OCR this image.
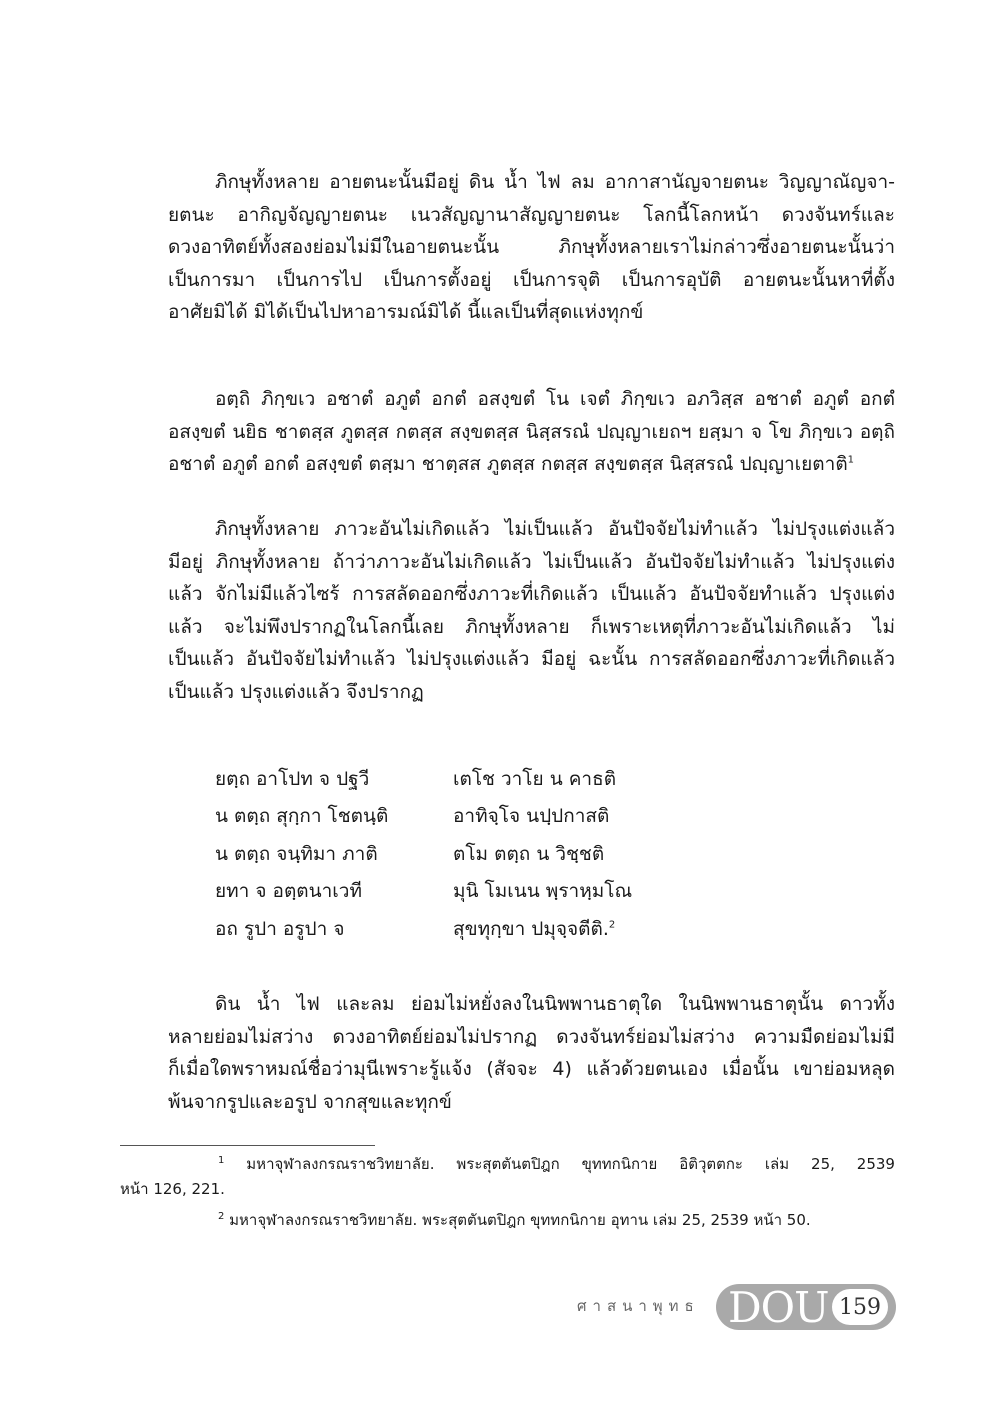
ภิกษุทั้งหลาย อายตนะนั้นมีอยู่ ดิน น้ำ ไฟ ลม อากาสานัญจายตนะ วิญญาณัญจา-
ยตนะ อากิญจัญญายตนะ เนวสัญญานาสัญญายตนะ โลกนี้โลกหน้า ดวงจันทร์และ
ดวงอาทิตย์ทั้งสองย่อมไม่มีในอายตนะนั้น ภิกษุทั้งหลายเราไม่กล่าวซึ่งอายตนะนั้นว่า
เป็นการมา เป็นการไป เป็นการตั้งอยู่ เป็นการจุติ เป็นการอุบัติ อายตนะนั้นหาที่ตั้ง
อาศัยมิได้ มิได้เป็นไปหาอารมณ์มิได้ นี้แลเป็นที่สุดแห่งทุกข์
อตฺถิ ภิกฺขเว อชาตํ อภูตํ อกตํ อสงฺขตํ โน เจตํ ภิกฺขเว อภวิสฺส อชาตํ อภูตํ อกตํ
อสงฺขตํ นยิธ ชาตสฺส ภูตสฺส กตสฺส สงฺขตสฺส นิสฺสรณํ ปญฺญาเยถฯ ยสฺมา จ โข ภิกฺขเว อตฺถิ
อชาตํ อภูตํ อกตํ อสงฺขตํ ตสฺมา ชาตฺสส ภูตสฺส กตสฺส สงฺขตสฺส นิสฺสรณํ ปญฺญาเยตาติ$^1$
ภิกษุทั้งหลาย ภาวะอันไม่เกิดแล้ว ไม่เป็นแล้ว อันปัจจัยไม่ทำแล้ว ไม่ปรุงแต่งแล้ว
มีอยู่ ภิกษุทั้งหลาย ถ้าว่าภาวะอันไม่เกิดแล้ว ไม่เป็นแล้ว อันปัจจัยไม่ทำแล้ว ไม่ปรุงแต่ง
แล้ว จักไม่มีแล้วไซร้ การสลัดออกซึ่งภาวะที่เกิดแล้ว เป็นแล้ว อันปัจจัยทำแล้ว ปรุงแต่ง
แล้ว จะไม่พึงปรากฏในโลกนี้เลย ภิกษุทั้งหลาย ก็เพราะเหตุที่ภาวะอันไม่เกิดแล้ว ไม่
เป็นแล้ว อันปัจจัยไม่ทำแล้ว ไม่ปรุงแต่งแล้ว มีอยู่ ฉะนั้น การสลัดออกซึ่งภาวะที่เกิดแล้ว
เป็นแล้ว ปรุงแต่งแล้ว จึงปรากฏ
ยตฺถ อาโปท จ ปฐวี	เตโช วาโย น คาธติ
น ตตฺถ สุกฺกา โชตนฺติ	อาทิจฺโจ นปฺปกาสติ
น ตตฺถ จนฺทิมา ภาติ	ตโม ตตฺถ น วิชฺชติ
ยทา จ อตฺตนาเวที	มุนิ โมเนน พฺราหฺมโณ
อถ รูปา อรูปา จ	สุขทุกฺขา ปมุจฺจตีติ.$^2$
ดิน น้ำ ไฟ และลม ย่อมไม่หยั่งลงในนิพพานธาตุใด ในนิพพานธาตุนั้น ดาวทั้ง
หลายย่อมไม่สว่าง ดวงอาทิตย์ย่อมไม่ปรากฏ ดวงจันทร์ย่อมไม่สว่าง ความมืดย่อมไม่มี
ก็เมื่อใดพราหมณ์ชื่อว่ามุนีเพราะรู้แจ้ง (สัจจะ 4) แล้วด้วยตนเอง เมื่อนั้น เขาย่อมหลุด
พ้นจากรูปและอรูป จากสุขและทุกข์
$^1$ มหาจุฬาลงกรณราชวิทยาลัย. พระสุตตันตปิฎก ขุททกนิกาย อิติวุตตกะ เล่ม 25, 2539
หน้า 126, 221.
$^2$ มหาจุฬาลงกรณราชวิทยาลัย. พระสุตตันตปิฎก ขุททกนิกาย อุทาน เล่ม 25, 2539 หน้า 50.
ศาสนาพุทธ DOU 159
